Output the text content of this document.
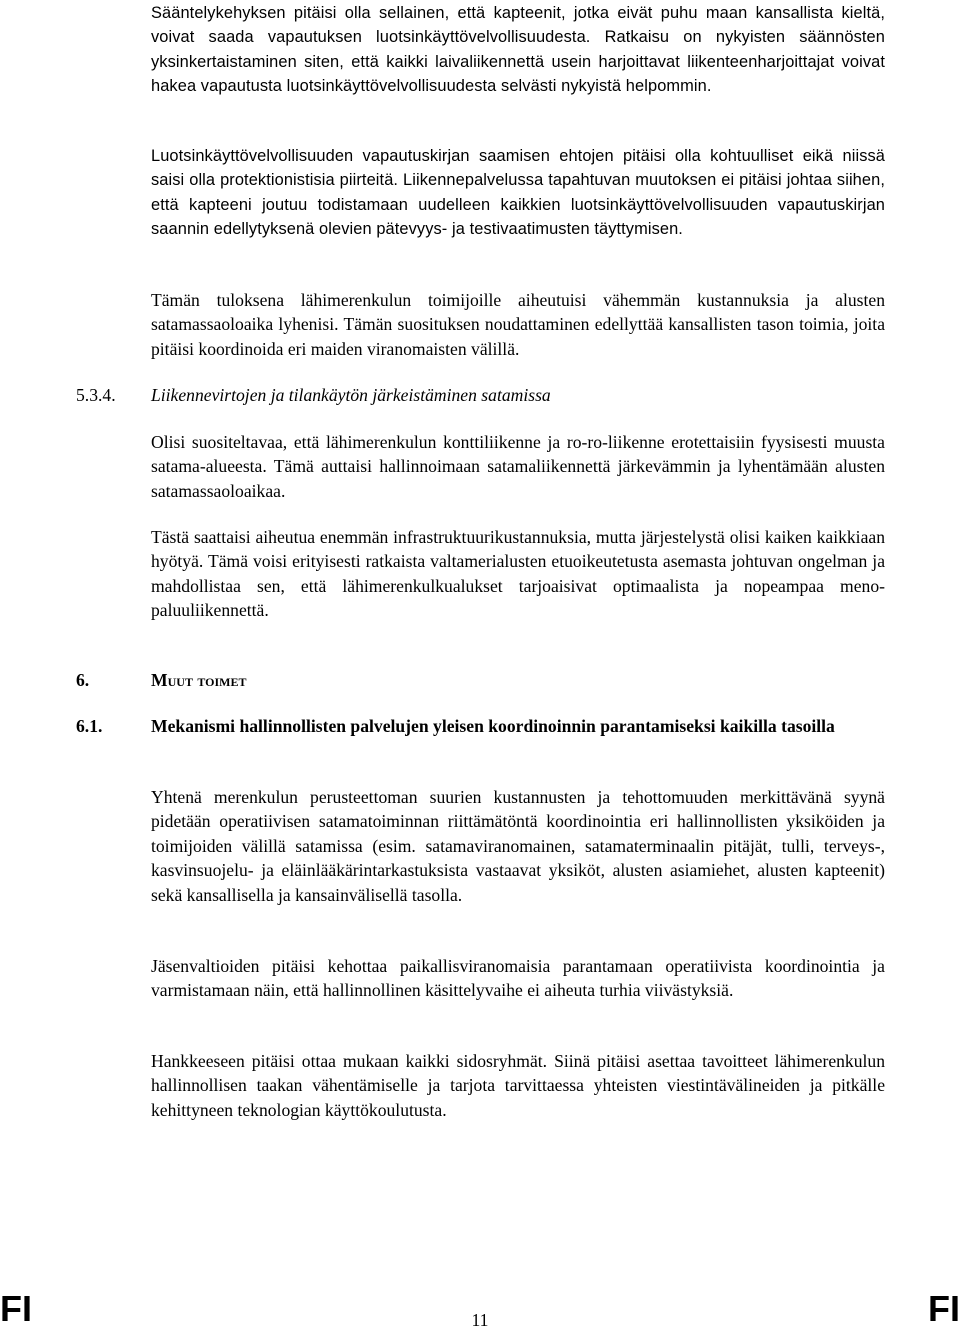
Sääntelykehyksen pitäisi olla sellainen, että kapteenit, jotka eivät puhu maan kansallista kieltä, voivat saada vapautuksen luotsinkäyttövelvollisuudesta. Ratkaisu on nykyisten säännösten yksinkertaistaminen siten, että kaikki laivaliikennettä usein harjoittavat liikenteenharjoittajat voivat hakea vapautusta luotsinkäyttövelvollisuudesta selvästi nykyistä helpommin.

Luotsinkäyttövelvollisuuden vapautuskirjan saamisen ehtojen pitäisi olla kohtuulliset eikä niissä saisi olla protektionistisia piirteitä. Liikennepalvelussa tapahtuvan muutoksen ei pitäisi johtaa siihen, että kapteeni joutuu todistamaan uudelleen kaikkien luotsinkäyttövelvollisuuden vapautuskirjan saannin edellytyksenä olevien pätevyys- ja testivaatimusten täyttymisen.

Tämän tuloksena lähimerenkulun toimijoille aiheutuisi vähemmän kustannuksia ja alusten satamassaoloaika lyhenisi. Tämän suosituksen noudattaminen edellyttää kansallisten tason toimia, joita pitäisi koordinoida eri maiden viranomaisten välillä.

5.3.4. Liikennevirtojen ja tilankäytön järkeistäminen satamissa

Olisi suositeltavaa, että lähimerenkulun konttiliikenne ja ro-ro-liikenne erotettaisiin fyysisesti muusta satama-alueesta. Tämä auttaisi hallinnoimaan satamaliikennettä järkevämmin ja lyhentämään alusten satamassaoloaikaa.

Tästä saattaisi aiheutua enemmän infrastruktuurikustannuksia, mutta järjestelystä olisi kaiken kaikkiaan hyötyä. Tämä voisi erityisesti ratkaista valtamerialusten etuoikeutetusta asemasta johtuvan ongelman ja mahdollistaa sen, että lähimerenkulkualukset tarjoaisivat optimaalista ja nopeampaa meno-paluuliikennettä.

6.	Muut toimet

6.1.	Mekanismi hallinnollisten palvelujen yleisen koordinoinnin parantamiseksi kaikilla tasoilla

Yhtenä merenkulun perusteettoman suurien kustannusten ja tehottomuuden merkittävänä syynä pidetään operatiivisen satamatoiminnan riittämätöntä koordinointia eri hallinnollisten yksiköiden ja toimijoiden välillä satamissa (esim. satamaviranomainen, satamaterminaalin pitäjät, tulli, terveys-, kasvinsuojelu- ja eläinlääkärintarkastuksista vastaavat yksiköt, alusten asiamiehet, alusten kapteenit) sekä kansallisella ja kansainvälisellä tasolla.

Jäsenvaltioiden pitäisi kehottaa paikallisviranomaisia parantamaan operatiivista koordinointia ja varmistamaan näin, että hallinnollinen käsittelyvaihe ei aiheuta turhia viivästyksiä.

Hankkeeseen pitäisi ottaa mukaan kaikki sidosryhmät. Siinä pitäisi asettaa tavoitteet lähimerenkulun hallinnollisen taakan vähentämiselle ja tarjota tarvittaessa yhteisten viestintävälineiden ja pitkälle kehittyneen teknologian käyttökoulutusta.

FI	11	FI
